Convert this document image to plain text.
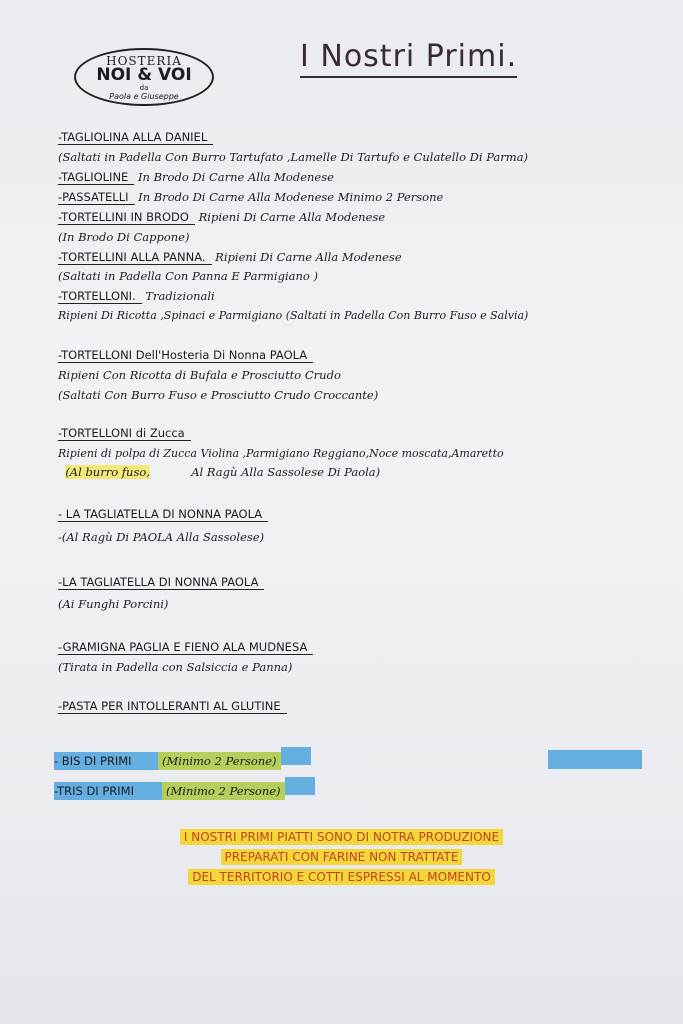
HOSTERIA
NOI & VOI
da
Paola e Giuseppe
I Nostri Primi.
-TAGLIOLINA ALLA DANIEL
(Saltati in Padella Con Burro Tartufato ,Lamelle Di Tartufo e Culatello Di Parma)
-TAGLIOLINE In Brodo Di Carne Alla Modenese
-PASSATELLI In Brodo Di Carne Alla Modenese Minimo 2 Persone
-TORTELLINI IN BRODO Ripieni Di Carne Alla Modenese
(In Brodo Di Cappone)
-TORTELLINI ALLA PANNA. Ripieni Di Carne Alla Modenese
(Saltati in Padella Con Panna E Parmigiano )
-TORTELLONI. Tradizionali
Ripieni Di Ricotta ,Spinaci e Parmigiano (Saltati in Padella Con Burro Fuso e Salvia)
-TORTELLONI Dell'Hosteria Di Nonna PAOLA
Ripieni Con Ricotta di Bufala e Prosciutto Crudo
(Saltati Con Burro Fuso e Prosciutto Crudo Croccante)
-TORTELLONI di Zucca
Ripieni di polpa di Zucca Violina ,Parmigiano Reggiano,Noce moscata,Amaretto
(Al burro fuso,	Al Ragù Alla Sassolese Di Paola)
- LA TAGLIATELLA DI NONNA PAOLA
-(Al Ragù Di PAOLA Alla Sassolese)
-LA TAGLIATELLA DI NONNA PAOLA
(Ai Funghi Porcini)
-GRAMIGNA PAGLIA E FIENO ALA MUDNESA
(Tirata in Padella con Salsiccia e Panna)
-PASTA PER INTOLLERANTI AL GLUTINE
- BIS DI PRIMI	(Minimo 2 Persone)
-TRIS DI PRIMI	(Minimo 2 Persone)
I NOSTRI PRIMI PIATTI SONO DI NOTRA PRODUZIONE
PREPARATI CON FARINE NON TRATTATE
DEL TERRITORIO E COTTI ESPRESSI AL MOMENTO
